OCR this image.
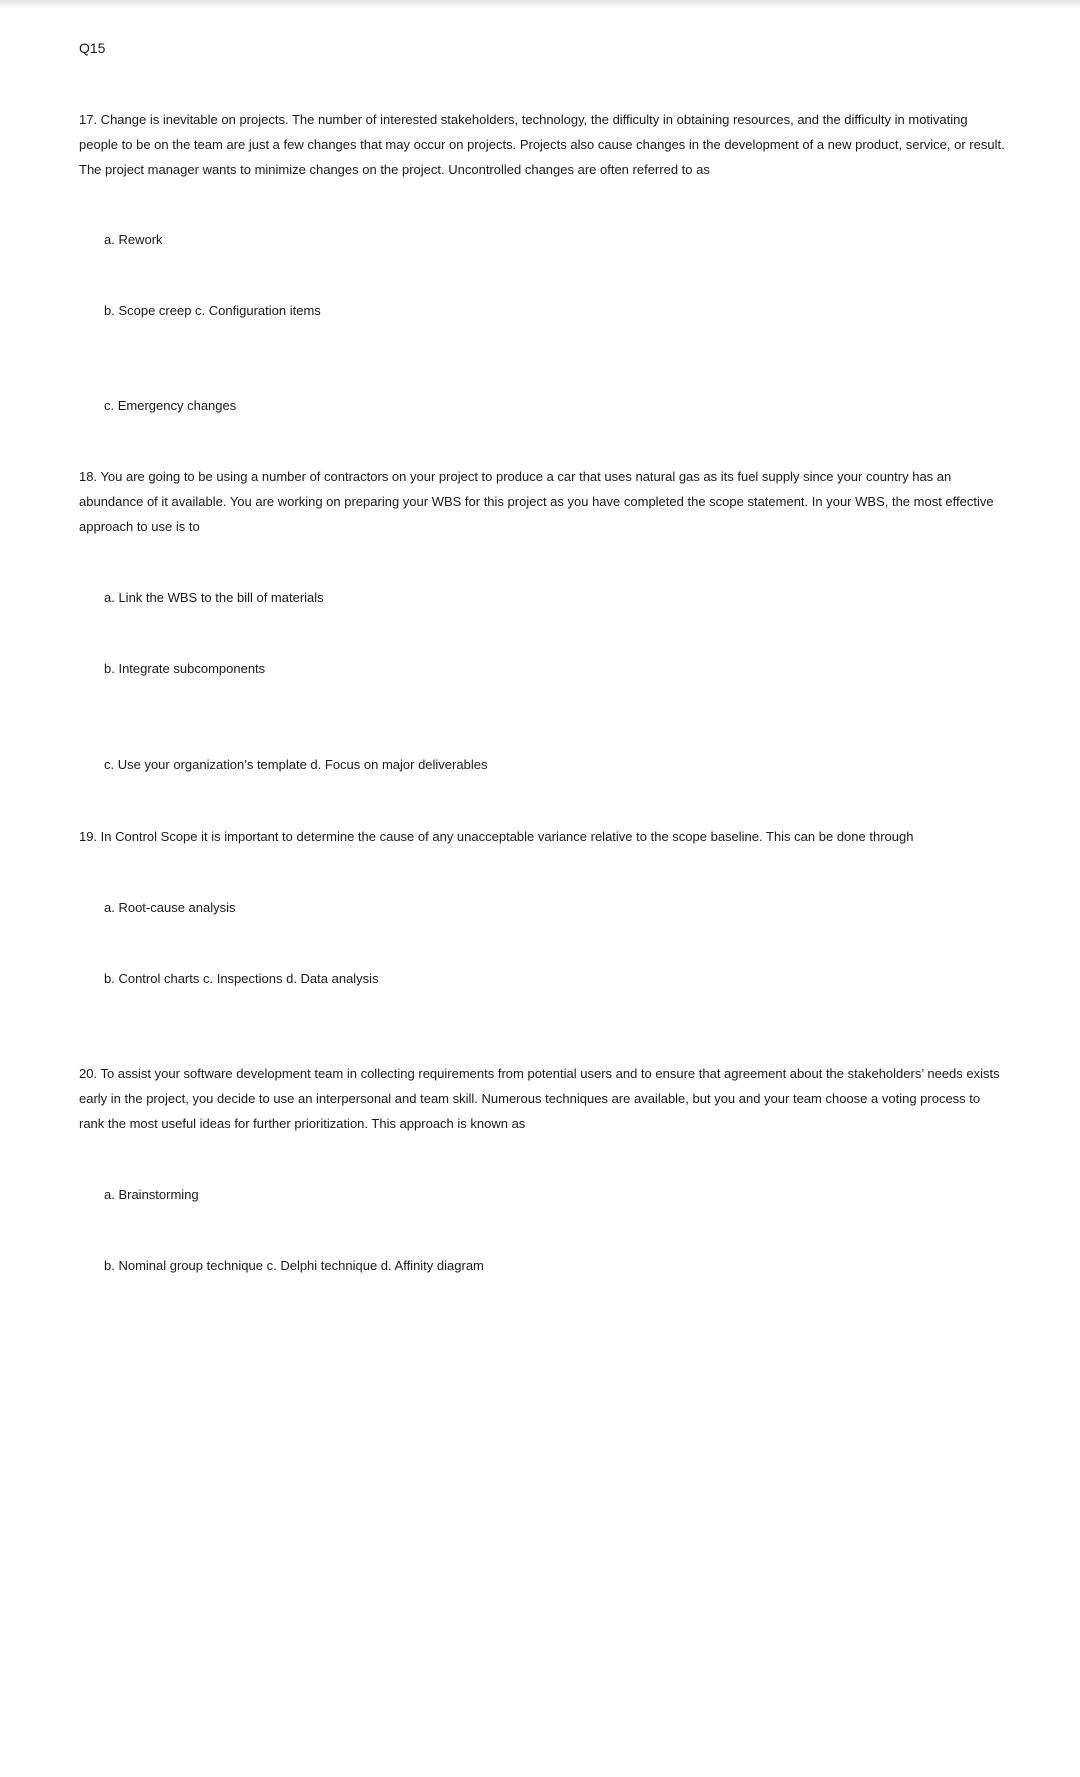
Q15

17. Change is inevitable on projects. The number of interested stakeholders, technology, the difficulty in obtaining resources, and the difficulty in motivating people to be on the team are just a few changes that may occur on projects. Projects also cause changes in the development of a new product, service, or result. The project manager wants to minimize changes on the project. Uncontrolled changes are often referred to as

a. Rework

b. Scope creep c. Configuration items

c. Emergency changes

18. You are going to be using a number of contractors on your project to produce a car that uses natural gas as its fuel supply since your country has an abundance of it available. You are working on preparing your WBS for this project as you have completed the scope statement. In your WBS, the most effective approach to use is to

a. Link the WBS to the bill of materials

b. Integrate subcomponents

c. Use your organization’s template d. Focus on major deliverables

19. In Control Scope it is important to determine the cause of any unacceptable variance relative to the scope baseline. This can be done through

a. Root-cause analysis

b. Control charts c. Inspections d. Data analysis

20. To assist your software development team in collecting requirements from potential users and to ensure that agreement about the stakeholders’ needs exists early in the project, you decide to use an interpersonal and team skill. Numerous techniques are available, but you and your team choose a voting process to rank the most useful ideas for further prioritization. This approach is known as

a. Brainstorming

b. Nominal group technique c. Delphi technique d. Affinity diagram
